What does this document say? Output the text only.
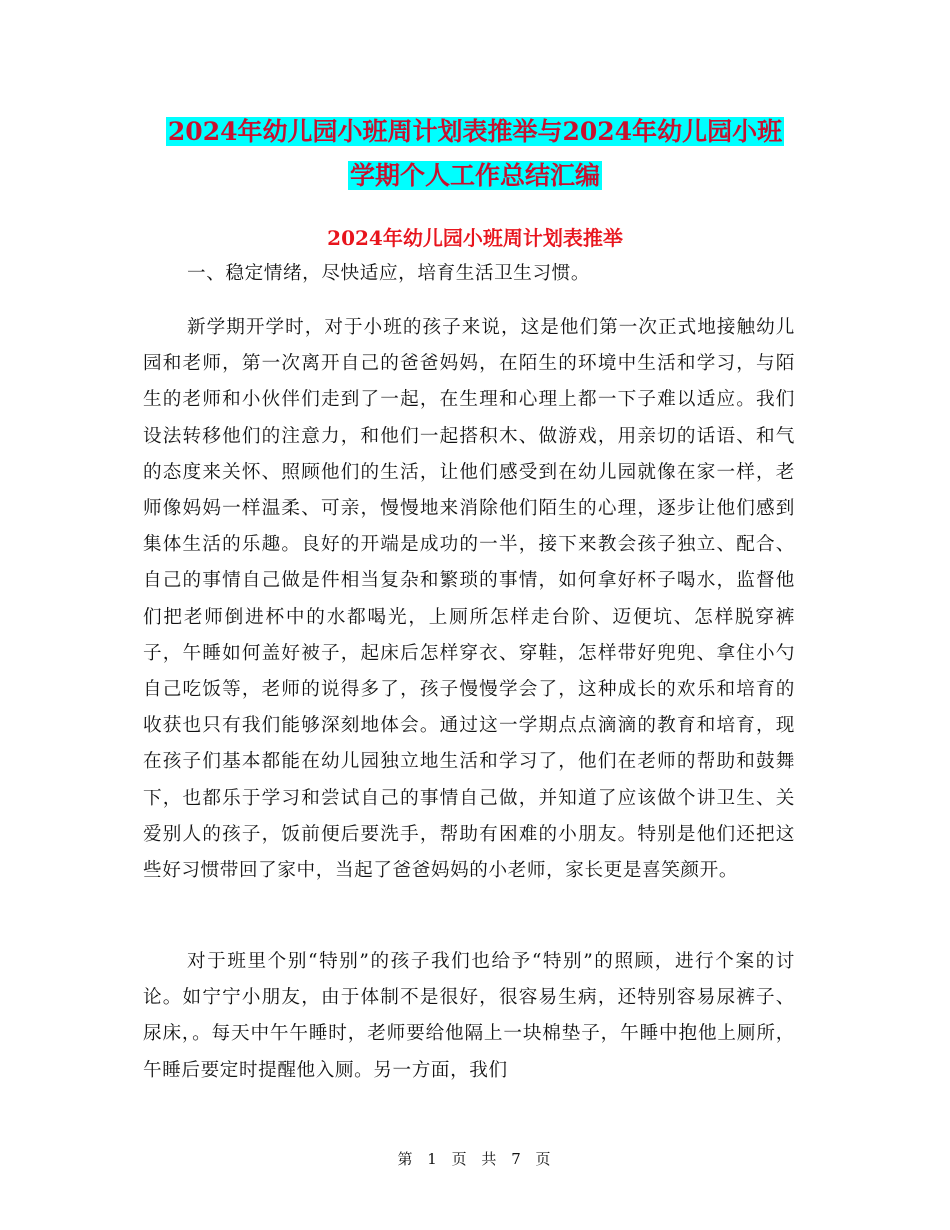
2024年幼儿园小班周计划表推举与2024年幼儿园小班
学期个人工作总结汇编
2024年幼儿园小班周计划表推举
一、稳定情绪，尽快适应，培育生活卫生习惯。
新学期开学时，对于小班的孩子来说，这是他们第一次正式地接触幼儿园和老师，第一次离开自己的爸爸妈妈，在陌生的环境中生活和学习，与陌生的老师和小伙伴们走到了一起，在生理和心理上都一下子难以适应。我们设法转移他们的注意力，和他们一起搭积木、做游戏，用亲切的话语、和气的态度来关怀、照顾他们的生活，让他们感受到在幼儿园就像在家一样，老师像妈妈一样温柔、可亲，慢慢地来消除他们陌生的心理，逐步让他们感到集体生活的乐趣。良好的开端是成功的一半，接下来教会孩子独立、配合、自己的事情自己做是件相当复杂和繁琐的事情，如何拿好杯子喝水，监督他们把老师倒进杯中的水都喝光，上厕所怎样走台阶、迈便坑、怎样脱穿裤子，午睡如何盖好被子，起床后怎样穿衣、穿鞋，怎样带好兜兜、拿住小勺自己吃饭等，老师的说得多了，孩子慢慢学会了，这种成长的欢乐和培育的收获也只有我们能够深刻地体会。通过这一学期点点滴滴的教育和培育，现在孩子们基本都能在幼儿园独立地生活和学习了，他们在老师的帮助和鼓舞下，也都乐于学习和尝试自己的事情自己做，并知道了应该做个讲卫生、关爱别人的孩子，饭前便后要洗手，帮助有困难的小朋友。特别是他们还把这些好习惯带回了家中，当起了爸爸妈妈的小老师，家长更是喜笑颜开。
对于班里个别“特别”的孩子我们也给予“特别”的照顾，进行个案的讨论。如宁宁小朋友，由于体制不是很好，很容易生病，还特别容易尿裤子、尿床，。每天中午午睡时，老师要给他隔上一块棉垫子，午睡中抱他上厕所，午睡后要定时提醒他入厕。另一方面，我们
第 1 页 共 7 页
